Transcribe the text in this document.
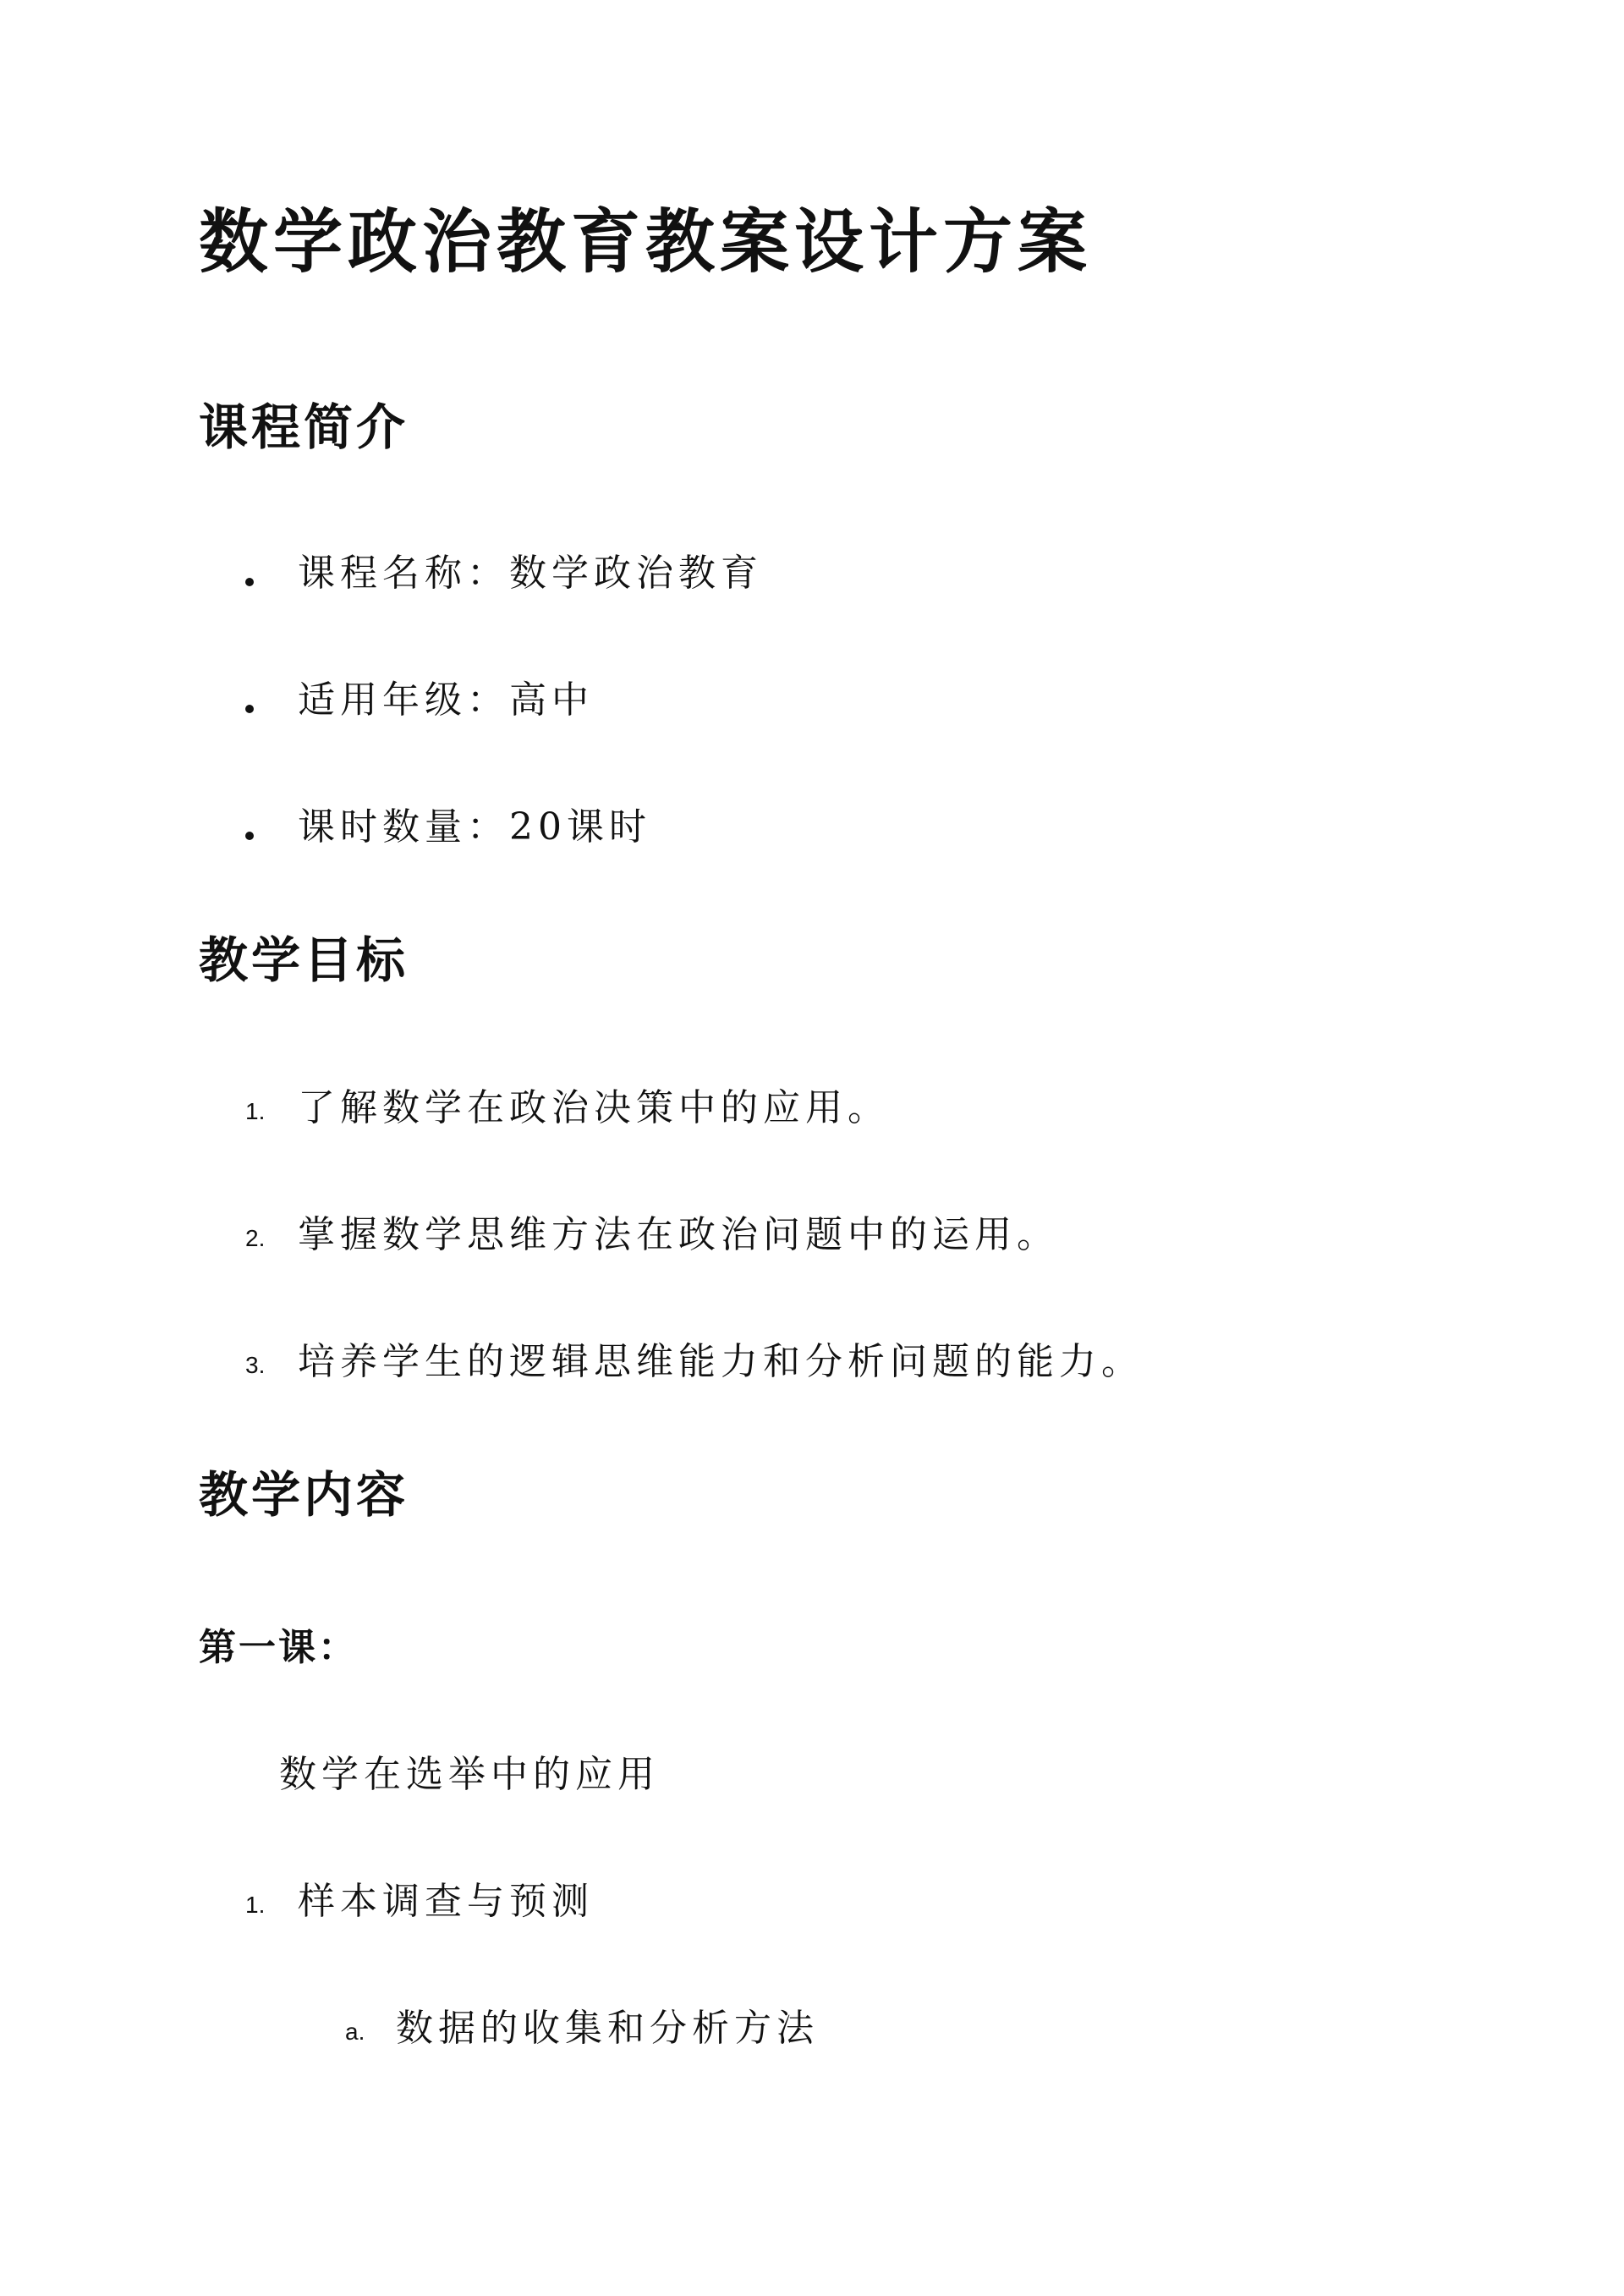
数学政治教育教案设计方案
课程简介
课程名称：数学政治教育
适用年级：高中
课时数量：20课时
教学目标
1. 了解数学在政治决策中的应用。
2. 掌握数学思维方法在政治问题中的运用。
3. 培养学生的逻辑思维能力和分析问题的能力。
教学内容
第一课：
数学在选举中的应用
1. 样本调查与预测
a. 数据的收集和分析方法
